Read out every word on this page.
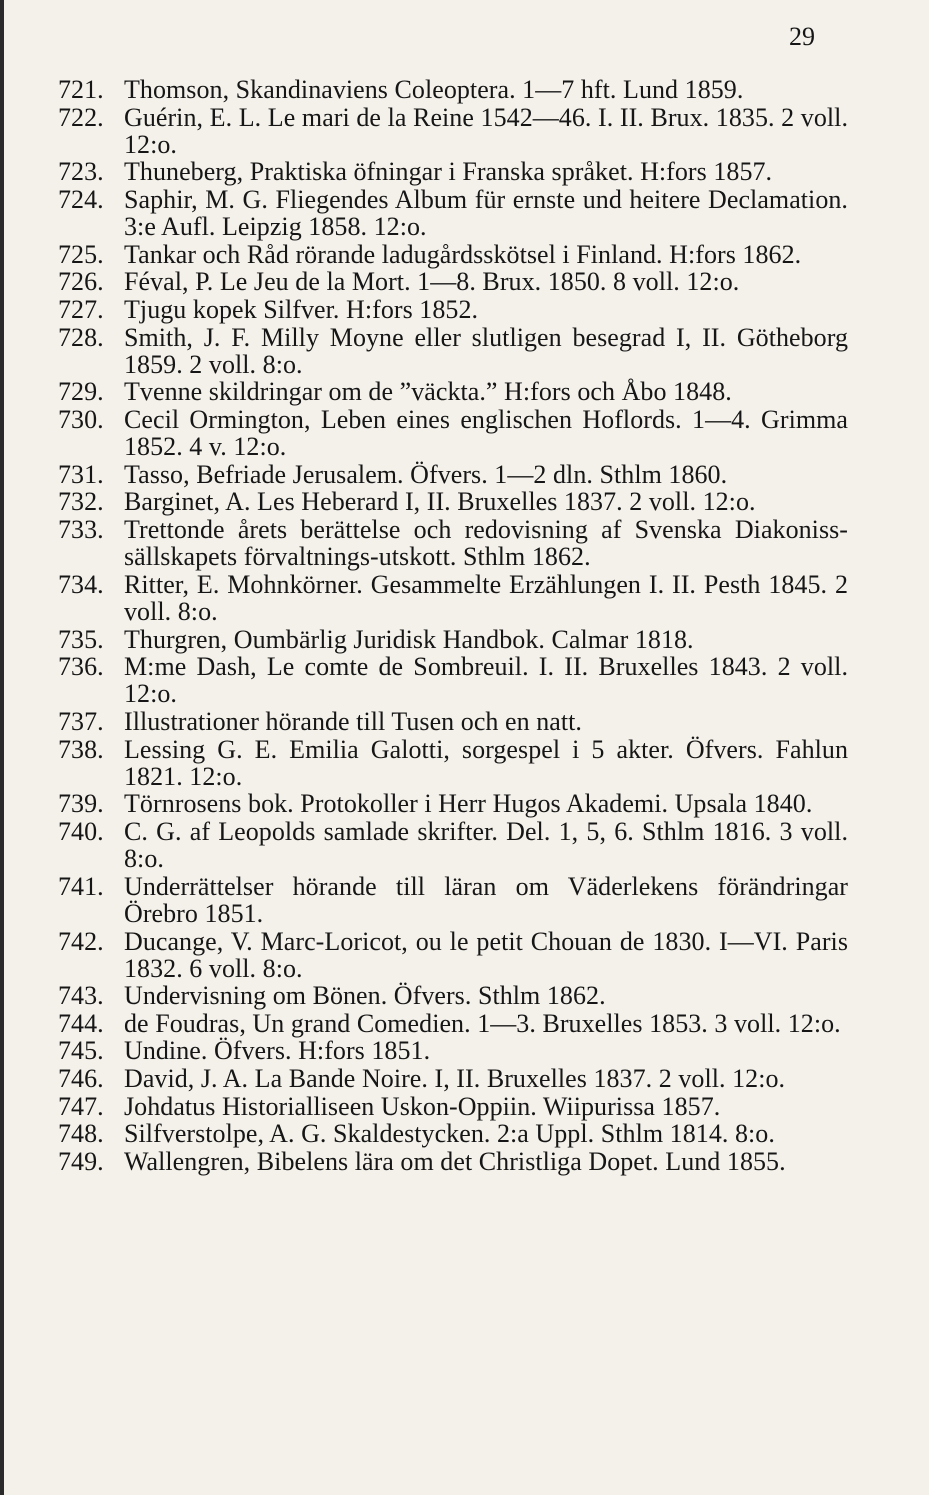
29
721. Thomson, Skandinaviens Coleoptera. 1—7 hft. Lund 1859.
722. Guérin, E. L. Le mari de la Reine 1542—46. I. II. Brux. 1835. 2 voll. 12:o.
723. Thuneberg, Praktiska öfningar i Franska språket. H:fors 1857.
724. Saphir, M. G. Fliegendes Album für ernste und heitere Declamation. 3:e Aufl. Leipzig 1858. 12:o.
725. Tankar och Råd rörande ladugårdsskötsel i Finland. H:fors 1862.
726. Féval, P. Le Jeu de la Mort. 1—8. Brux. 1850. 8 voll. 12:o.
727. Tjugu kopek Silfver. H:fors 1852.
728. Smith, J. F. Milly Moyne eller slutligen besegrad I, II. Götheborg 1859. 2 voll. 8:o.
729. Tvenne skildringar om de ”väckta.” H:fors och Åbo 1848.
730. Cecil Ormington, Leben eines englischen Hoflords. 1—4. Grimma 1852. 4 v. 12:o.
731. Tasso, Befriade Jerusalem. Öfvers. 1—2 dln. Sthlm 1860.
732. Barginet, A. Les Heberard I, II. Bruxelles 1837. 2 voll. 12:o.
733. Trettonde årets berättelse och redovisning af Svenska Diakoniss-sällskapets förvaltnings-utskott. Sthlm 1862.
734. Ritter, E. Mohnkörner. Gesammelte Erzählungen I. II. Pesth 1845. 2 voll. 8:o.
735. Thurgren, Oumbärlig Juridisk Handbok. Calmar 1818.
736. M:me Dash, Le comte de Sombreuil. I. II. Bruxelles 1843. 2 voll. 12:o.
737. Illustrationer hörande till Tusen och en natt.
738. Lessing G. E. Emilia Galotti, sorgespel i 5 akter. Öfvers. Fahlun 1821. 12:o.
739. Törnrosens bok. Protokoller i Herr Hugos Akademi. Upsala 1840.
740. C. G. af Leopolds samlade skrifter. Del. 1, 5, 6. Sthlm 1816. 3 voll. 8:o.
741. Underrättelser hörande till läran om Väderlekens förändringar Örebro 1851.
742. Ducange, V. Marc-Loricot, ou le petit Chouan de 1830. I—VI. Paris 1832. 6 voll. 8:o.
743. Undervisning om Bönen. Öfvers. Sthlm 1862.
744. de Foudras, Un grand Comedien. 1—3. Bruxelles 1853. 3 voll. 12:o.
745. Undine. Öfvers. H:fors 1851.
746. David, J. A. La Bande Noire. I, II. Bruxelles 1837. 2 voll. 12:o.
747. Johdatus Historialliseen Uskon-Oppiin. Wiipurissa 1857.
748. Silfverstolpe, A. G. Skaldestycken. 2:a Uppl. Sthlm 1814. 8:o.
749. Wallengren, Bibelens lära om det Christliga Dopet. Lund 1855.
